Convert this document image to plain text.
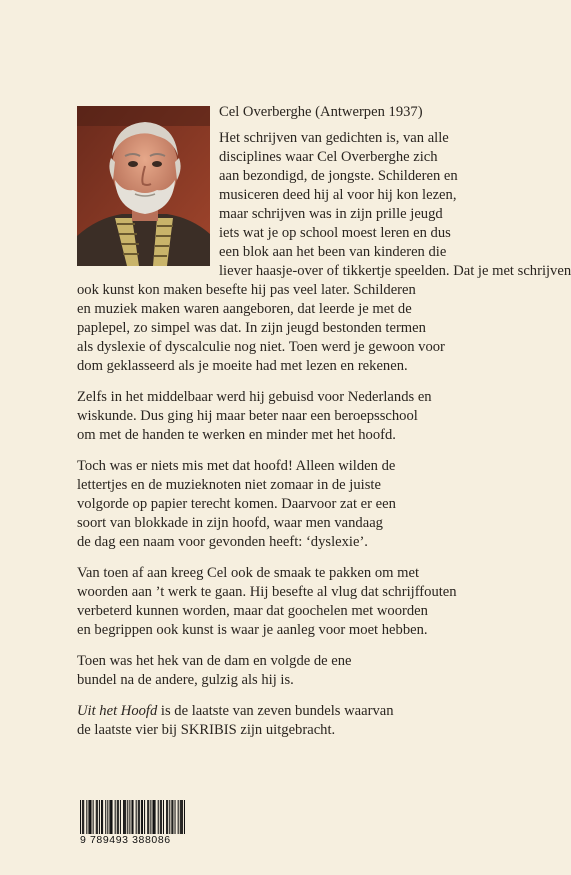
Cel Overberghe (Antwerpen 1937)

Het schrijven van gedichten is, van alle
disciplines waar Cel Overberghe zich
aan bezondigd, de jongste. Schilderen en
musiceren deed hij al voor hij kon lezen,
maar schrijven was in zijn prille jeugd
iets wat je op school moest leren en dus
een blok aan het been van kinderen die
liever haasje-over of tikkertje speelden. Dat je met schrijven
ook kunst kon maken besefte hij pas veel later. Schilderen
en muziek maken waren aangeboren, dat leerde je met de
paplepel, zo simpel was dat. In zijn jeugd bestonden termen
als dyslexie of dyscalculie nog niet. Toen werd je gewoon voor
dom geklasseerd als je moeite had met lezen en rekenen.

Zelfs in het middelbaar werd hij gebuisd voor Nederlands en
wiskunde. Dus ging hij maar beter naar een beroepsschool
om met de handen te werken en minder met het hoofd.

Toch was er niets mis met dat hoofd! Alleen wilden de
lettertjes en de muzieknoten niet zomaar in de juiste
volgorde op papier terecht komen. Daarvoor zat er een
soort van blokkade in zijn hoofd, waar men vandaag
de dag een naam voor gevonden heeft: ‘dyslexie’.

Van toen af aan kreeg Cel ook de smaak te pakken om met
woorden aan ’t werk te gaan. Hij besefte al vlug dat schrijffouten
verbeterd kunnen worden, maar dat goochelen met woorden
en begrippen ook kunst is waar je aanleg voor moet hebben.

Toen was het hek van de dam en volgde de ene
bundel na de andere, gulzig als hij is.

Uit het Hoofd is de laatste van zeven bundels waarvan
de laatste vier bij SKRIBIS zijn uitgebracht.

9 789493 388086
